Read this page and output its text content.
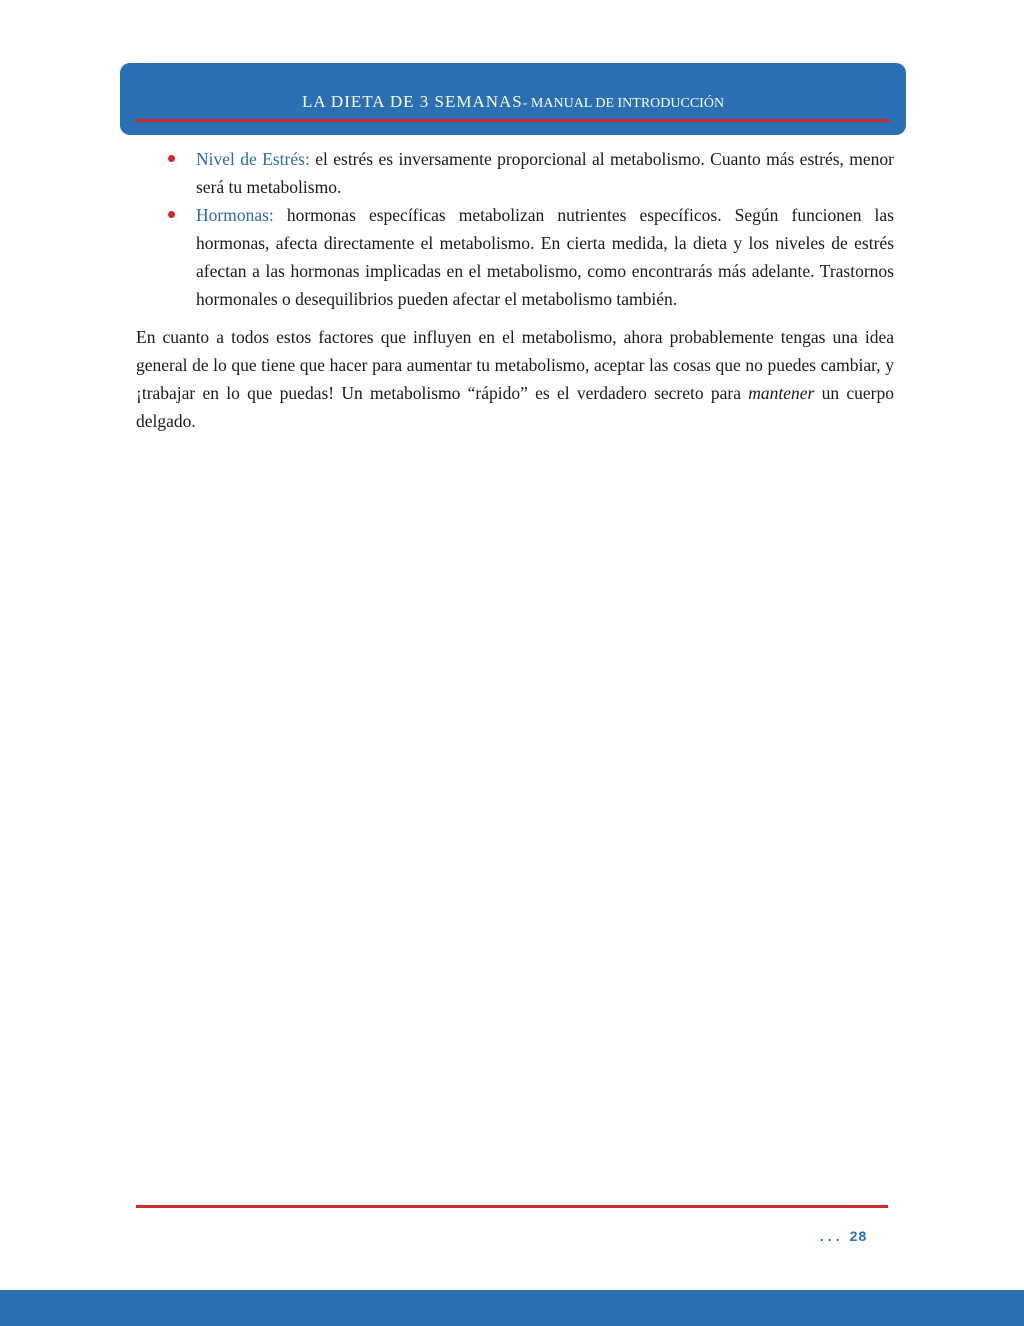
LA DIETA DE 3 SEMANAS- MANUAL DE INTRODUCCIÓN
Nivel de Estrés: el estrés es inversamente proporcional al metabolismo. Cuanto más estrés, menor será tu metabolismo.
Hormonas: hormonas específicas metabolizan nutrientes específicos. Según funcionen las hormonas, afecta directamente el metabolismo. En cierta medida, la dieta y los niveles de estrés afectan a las hormonas implicadas en el metabolismo, como encontrarás más adelante. Trastornos hormonales o desequilibrios pueden afectar el metabolismo también.

En cuanto a todos estos factores que influyen en el metabolismo, ahora probablemente tengas una idea general de lo que tiene que hacer para aumentar tu metabolismo, aceptar las cosas que no puedes cambiar, y ¡trabajar en lo que puedas! Un metabolismo “rápido” es el verdadero secreto para mantener un cuerpo delgado.

... 28
